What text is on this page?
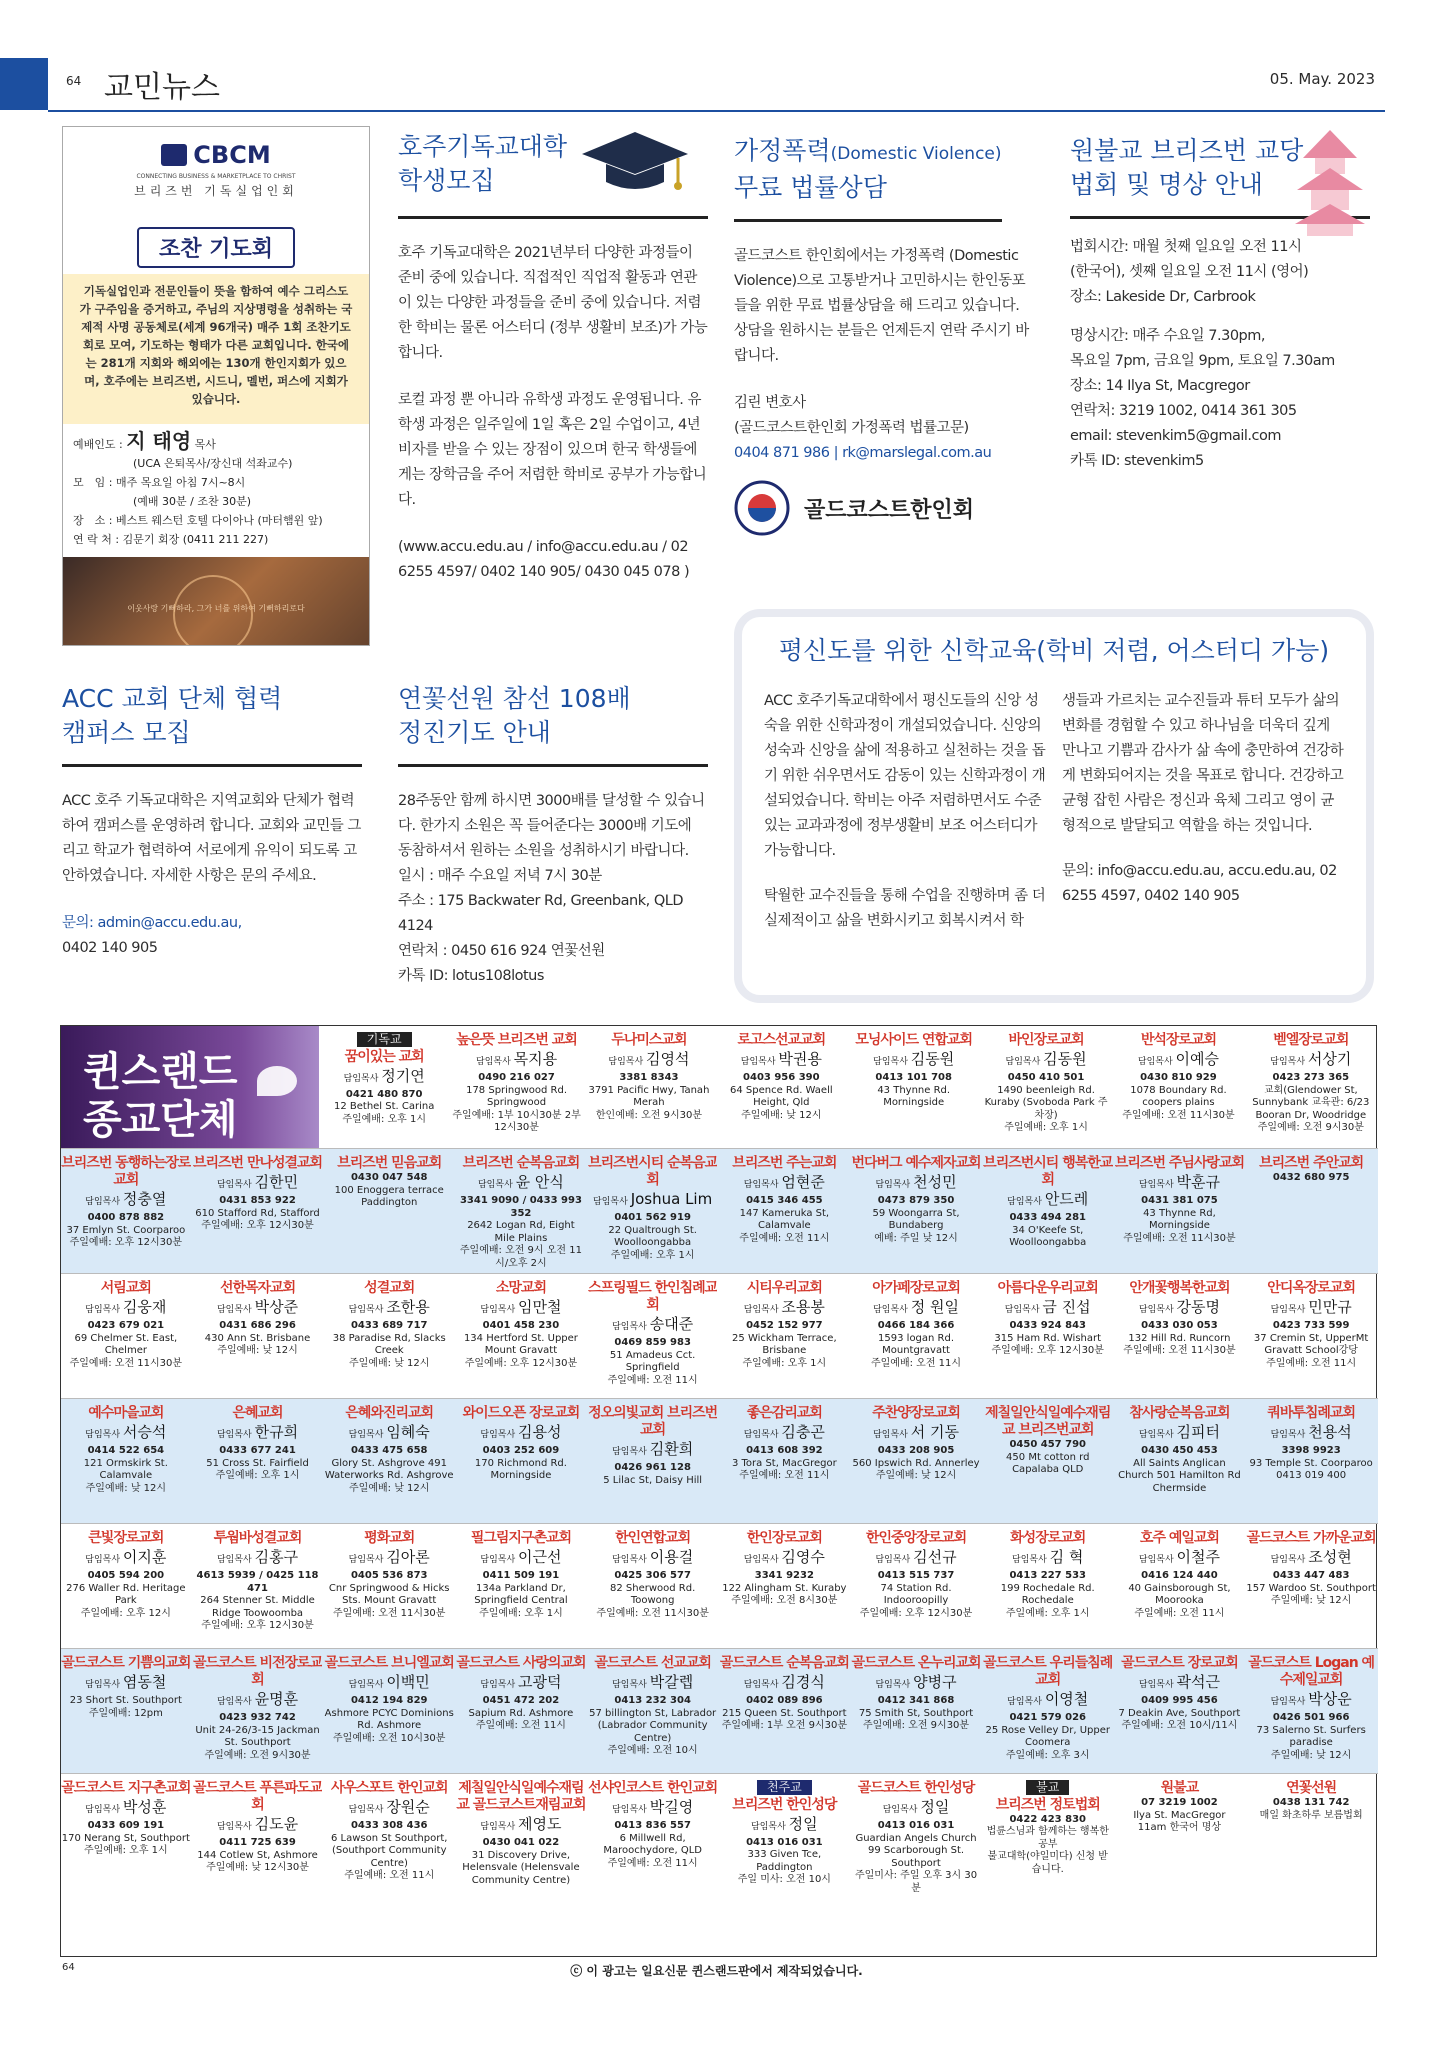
64 교민뉴스	05. May. 2023
CBCM
CONNECTING BUSINESS & MARKETPLACE TO CHRIST
브리즈번 기독실업인회
조찬 기도회
기독실업인과 전문인들이 뜻을 함하여 예수 그리스도가 구주임을 증거하고, 주님의 지상명령을 성취하는 국제적 사명 공동체로(세계 96개국) 매주 1회 조찬기도회로 모여, 기도하는 형태가 다른 교회입니다. 한국에는 281개 지회와 해외에는 130개 한인지회가 있으며, 호주에는 브리즈번, 시드니, 멜번, 퍼스에 지회가 있습니다.
예배인도 : 지 태영 목사
(UCA 은퇴목사/장신대 석좌교수)
모　임 : 매주 목요일 아침 7시~8시
(예배 30분 / 조찬 30분)
장　소 : 베스트 웨스턴 호텔 다이아나 (마터햄윈 앞)
연 락 처 : 김문기 회장 (0411 211 227)
이웃사랑 기뻐하라, 그가 너를 위하여 기뻐하리로다
호주기독교대학
학생모집
호주 기독교대학은 2021년부터 다양한 과정들이 준비 중에 있습니다. 직접적인 직업적 활동과 연관이 있는 다양한 과정들을 준비 중에 있습니다. 저렴한 학비는 물론 어스터디 (정부 생활비 보조)가 가능합니다.
로컬 과정 뿐 아니라 유학생 과정도 운영됩니다. 유학생 과정은 일주일에 1일 혹은 2일 수업이고, 4년 비자를 받을 수 있는 장점이 있으며 한국 학생들에게는 장학금을 주어 저렴한 학비로 공부가 가능합니다.
(www.accu.edu.au / info@accu.edu.au / 02 6255 4597/ 0402 140 905/ 0430 045 078 )
가정폭력(Domestic Violence)
무료 법률상담
골드코스트 한인회에서는 가정폭력 (Domestic Violence)으로 고통받거나 고민하시는 한인동포들을 위한 무료 법률상담을 해 드리고 있습니다. 상담을 원하시는 분들은 언제든지 연락 주시기 바랍니다.
김린 변호사
(골드코스트한인회 가정폭력 법률고문)
0404 871 986 | rk@marslegal.com.au
골드코스트한인회
원불교 브리즈번 교당
법회 및 명상 안내
법회시간: 매월 첫째 일요일 오전 11시
(한국어), 셋째 일요일 오전 11시 (영어)
장소: Lakeside Dr, Carbrook
명상시간: 매주 수요일 7.30pm,
목요일 7pm, 금요일 9pm, 토요일 7.30am
장소: 14 Ilya St, Macgregor
연락처: 3219 1002, 0414 361 305
email: stevenkim5@gmail.com
카톡 ID: stevenkim5
ACC 교회 단체 협력
캠퍼스 모집
ACC 호주 기독교대학은 지역교회와 단체가 협력하여 캠퍼스를 운영하려 합니다. 교회와 교민들 그리고 학교가 협력하여 서로에게 유익이 되도록 고안하였습니다. 자세한 사항은 문의 주세요.
문의: admin@accu.edu.au,
0402 140 905
연꽃선원 참선 108배
정진기도 안내
28주동안 함께 하시면 3000배를 달성할 수 있습니다. 한가지 소원은 꼭 들어준다는 3000배 기도에 동참하셔서 원하는 소원을 성취하시기 바랍니다.
일시 : 매주 수요일 저녁 7시 30분
주소 : 175 Backwater Rd, Greenbank, QLD 4124
연락처 : 0450 616 924 연꽃선원
카톡 ID: lotus108lotus
평신도를 위한 신학교육(학비 저렴, 어스터디 가능)
ACC 호주기독교대학에서 평신도들의 신앙 성숙을 위한 신학과정이 개설되었습니다. 신앙의 성숙과 신앙을 삶에 적용하고 실천하는 것을 돕기 위한 쉬우면서도 감동이 있는 신학과정이 개설되었습니다. 학비는 아주 저렴하면서도 수준있는 교과과정에 정부생활비 보조 어스터디가 가능합니다.
탁월한 교수진들을 통해 수업을 진행하며 좀 더 실제적이고 삶을 변화시키고 회복시켜서 학
생들과 가르치는 교수진들과 튜터 모두가 삶의 변화를 경험할 수 있고 하나님을 더욱더 깊게 만나고 기쁨과 감사가 삶 속에 충만하여 건강하게 변화되어지는 것을 목표로 합니다. 건강하고 균형 잡힌 사람은 정신과 육체 그리고 영이 균형적으로 발달되고 역할을 하는 것입니다.
문의: info@accu.edu.au, accu.edu.au, 02 6255 4597, 0402 140 905
퀸스랜드
종교단체
기독교
꿈이있는 교회
담임목사 정기연
0421 480 870
12 Bethel St. Carina
주일예배: 오후 1시
높은뜻 브리즈번 교회
담임목사 목지용
0490 216 027
178 Springwood Rd. Springwood
주일예배: 1부 10시30분 2부 12시30분
두나미스교회
담임목사 김영석
3381 8343
3791 Pacific Hwy, Tanah Merah
한인예배: 오전 9시30분
로고스선교교회
담임목사 박권용
0403 956 390
64 Spence Rd. Waell Height, Qld
주일예배: 낮 12시
모닝사이드 연합교회
담임목사 김동원
0413 101 708
43 Thynne Rd. Morningside
바인장로교회
담임목사 김동원
0450 410 501
1490 beenleigh Rd. Kuraby (Svoboda Park 주차장)
주일예배: 오후 1시
반석장로교회
담임목사 이예승
0430 810 929
1078 Boundary Rd. coopers plains
주일예배: 오전 11시30분
벧엘장로교회
담임목사 서상기
0423 273 365
교회(Glendower St, Sunnybank 교육관: 6/23 Booran Dr, Woodridge
주일예배: 오전 9시30분
브리즈번 동행하는장로교회
담임목사 정충열
0400 878 882
37 Emlyn St. Coorparoo
주일예배: 오후 12시30분
브리즈번 만나성결교회
담임목사 김한민
0431 853 922
610 Stafford Rd, Stafford
주일예배: 오후 12시30분
브리즈번 믿음교회
0430 047 548
100 Enoggera terrace Paddington
브리즈번 순복음교회
담임목사 윤 안식
3341 9090 / 0433 993 352
2642 Logan Rd, Eight Mile Plains
주일예배: 오전 9시 오전 11시/오후 2시
브리즈번시티 순복음교회
담임목사 Joshua Lim
0401 562 919
22 Qualtrough St. Woolloongabba
주일예배: 오후 1시
브리즈번 주는교회
담임목사 엄현준
0415 346 455
147 Kameruka St, Calamvale
주일예배: 오전 11시
번다버그 예수제자교회
담임목사 천성민
0473 879 350
59 Woongarra St, Bundaberg
예배: 주일 낮 12시
브리즈번시티 행복한교회
담임목사 안드레
0433 494 281
34 O'Keefe St, Woolloongabba
브리즈번 주님사랑교회
담임목사 박훈규
0431 381 075
43 Thynne Rd, Morningside
주일예배: 오전 11시30분
브리즈번 주안교회
0432 680 975
서림교회
담임목사 김웅재
0423 679 021
69 Chelmer St. East, Chelmer
주일예배: 오전 11시30분
선한목자교회
담임목사 박상준
0431 686 296
430 Ann St. Brisbane
주일예배: 낮 12시
성결교회
담임목사 조한용
0433 689 717
38 Paradise Rd, Slacks Creek
주일예배: 낮 12시
소망교회
담임목사 임만철
0401 458 230
134 Hertford St. Upper Mount Gravatt
주일예배: 오후 12시30분
스프링필드 한인침례교회
담임목사 송대준
0469 859 983
51 Amadeus Cct. Springfield
주일예배: 오전 11시
시티우리교회
담임목사 조용봉
0452 152 977
25 Wickham Terrace, Brisbane
주일예배: 오후 1시
아가페장로교회
담임목사 정 원일
0466 184 366
1593 logan Rd. Mountgravatt
주일예배: 오전 11시
아름다운우리교회
담임목사 금 진섭
0433 924 843
315 Ham Rd. Wishart
주일예배: 오후 12시30분
안개꽃행복한교회
담임목사 강동명
0433 030 053
132 Hill Rd. Runcorn
주일예배: 오전 11시30분
안디옥장로교회
담임목사 민만규
0423 733 599
37 Cremin St, UpperMt Gravatt School강당
주일예배: 오전 11시
예수마을교회
담임목사 서승석
0414 522 654
121 Ormskirk St. Calamvale
주일예배: 낮 12시
은혜교회
담임목사 한규희
0433 677 241
51 Cross St. Fairfield
주일예배: 오후 1시
은혜와진리교회
담임목사 임혜숙
0433 475 658
Glory St. Ashgrove 491 Waterworks Rd. Ashgrove
주일예배: 낮 12시
와이드오픈 장로교회
담임목사 김용성
0403 252 609
170 Richmond Rd. Morningside
정오의빛교회 브리즈번교회
담임목사 김환희
0426 961 128
5 Lilac St, Daisy Hill
좋은감리교회
담임목사 김충곤
0413 608 392
3 Tora St, MacGregor
주일예배: 오전 11시
주찬양장로교회
담임목사 서 기동
0433 208 905
560 Ipswich Rd. Annerley
주일예배: 낮 12시
제칠일안식일예수재림교 브리즈번교회
0450 457 790
450 Mt cotton rd Capalaba QLD
참사랑순복음교회
담임목사 김피터
0430 450 453
All Saints Anglican Church 501 Hamilton Rd Chermside
쿼바투침례교회
담임목사 천용석
3398 9923
93 Temple St. Coorparoo
0413 019 400
큰빛장로교회
담임목사 이지훈
0405 594 200
276 Waller Rd. Heritage Park
주일예배: 오후 12시
투웜바성결교회
담임목사 김홍구
4613 5939 / 0425 118 471
264 Stenner St. Middle Ridge Toowoomba
주일예배: 오후 12시30분
평화교회
담임목사 김아론
0405 536 873
Cnr Springwood & Hicks Sts. Mount Gravatt
주일예배: 오전 11시30분
필그림지구촌교회
담임목사 이근선
0411 509 191
134a Parkland Dr, Springfield Central
주일예배: 오후 1시
한인연합교회
담임목사 이용걸
0425 306 577
82 Sherwood Rd. Toowong
주일예배: 오전 11시30분
한인장로교회
담임목사 김영수
3341 9232
122 Alingham St. Kuraby
주일예배: 오전 8시30분
한인중앙장로교회
담임목사 김선규
0413 515 737
74 Station Rd. Indooroopilly
주일예배: 오후 12시30분
화성장로교회
담임목사 김 혁
0413 227 533
199 Rochedale Rd. Rochedale
주일예배: 오후 1시
호주 예일교회
담임목사 이철주
0416 124 440
40 Gainsborough St, Moorooka
주일예배: 오전 11시
골드코스트 가까운교회
담임목사 조성현
0433 447 483
157 Wardoo St. Southport
주일예배: 낮 12시
골드코스트 기쁨의교회
담임목사 염동철
23 Short St. Southport
주일예배: 12pm
골드코스트 비전장로교회
담임목사 윤명훈
0423 932 742
Unit 24-26/3-15 Jackman St. Southport
주일예배: 오전 9시30분
골드코스트 브니엘교회
담임목사 이백민
0412 194 829
Ashmore PCYC Dominions Rd. Ashmore
주일예배: 오전 10시30분
골드코스트 사랑의교회
담임목사 고광덕
0451 472 202
Sapium Rd. Ashmore
주일예배: 오전 11시
골드코스트 선교교회
담임목사 박갈렙
0413 232 304
57 billington St, Labrador (Labrador Community Centre)
주일예배: 오전 10시
골드코스트 순복음교회
담임목사 김경식
0402 089 896
215 Queen St. Southport
주일예배: 1부 오전 9시30분
골드코스트 온누리교회
담임목사 양병구
0412 341 868
75 Smith St, Southport
주일예배: 오전 9시30분
골드코스트 우리들침례교회
담임목사 이영철
0421 579 026
25 Rose Velley Dr, Upper Coomera
주일예배: 오후 3시
골드코스트 장로교회
담임목사 곽석근
0409 995 456
7 Deakin Ave, Southport
주일예배: 오전 10시/11시
골드코스트 Logan 예수제일교회
담임목사 박상운
0426 501 966
73 Salerno St. Surfers paradise
주일예배: 낮 12시
골드코스트 지구촌교회
담임목사 박성훈
0433 609 191
170 Nerang St, Southport
주일예배: 오후 1시
골드코스트 푸른파도교회
담임목사 김도윤
0411 725 639
144 Cotlew St, Ashmore
주일예배: 낮 12시30분
사우스포트 한인교회
담임목사 장원순
0433 308 436
6 Lawson St Southport, (Southport Community Centre)
주일예배: 오전 11시
제칠일안식일예수재림교 골드코스트재림교회
담임목사 제영도
0430 041 022
31 Discovery Drive, Helensvale (Helensvale Community Centre)
선샤인코스트 한인교회
담임목사 박길영
0413 836 557
6 Millwell Rd, Maroochydore, QLD
주일예배: 오전 11시
천주교
브리즈번 한인성당
담임목사 정일
0413 016 031
333 Given Tce, Paddington
주일 미사: 오전 10시
골드코스트 한인성당
담임목사 정일
0413 016 031
Guardian Angels Church 99 Scarborough St. Southport
주일미사: 주일 오후 3시 30분
불교
브리즈번 정토법회
0422 423 830
법륜스님과 함께하는 행복한 공부
불교대학(야일미다) 신청 받습니다.
원불교
07 3219 1002
Ilya St. MacGregor
11am 한국어 명상
연꽃선원
0438 131 742
매일 화초하루 보름법회
64	ⓒ 이 광고는 일요신문 퀸스랜드판에서 제작되었습니다.
